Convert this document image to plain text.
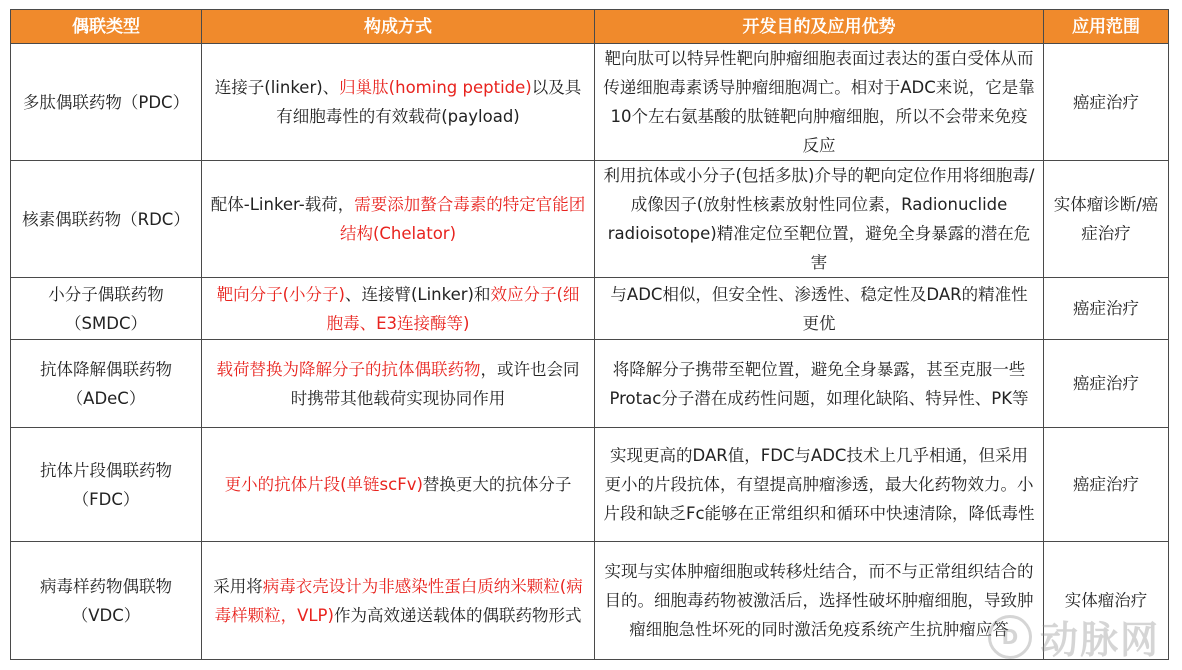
偶联类型	构成方式	开发目的及应用优势	应用范围
多肽偶联药物（PDC）	连接子(linker)、归巢肽(homing peptide)以及具有细胞毒性的有效载荷(payload)	靶向肽可以特异性靶向肿瘤细胞表面过表达的蛋白受体从而传递细胞毒素诱导肿瘤细胞凋亡。相对于ADC来说，它是靠10个左右氨基酸的肽链靶向肿瘤细胞，所以不会带来免疫反应	癌症治疗
核素偶联药物（RDC）	配体-Linker-载荷，需要添加螯合毒素的特定官能团结构(Chelator)	利用抗体或小分子(包括多肽)介导的靶向定位作用将细胞毒/成像因子(放射性核素放射性同位素，Radionuclide radioisotope)精准定位至靶位置，避免全身暴露的潜在危害	实体瘤诊断/癌症治疗
小分子偶联药物（SMDC）	靶向分子(小分子)、连接臂(Linker)和效应分子(细胞毒、E3连接酶等)	与ADC相似，但安全性、渗透性、稳定性及DAR的精准性更优	癌症治疗
抗体降解偶联药物（ADeC）	载荷替换为降解分子的抗体偶联药物，或许也会同时携带其他载荷实现协同作用	将降解分子携带至靶位置，避免全身暴露，甚至克服一些Protac分子潜在成药性问题，如理化缺陷、特异性、PK等	癌症治疗
抗体片段偶联药物（FDC）	更小的抗体片段(单链scFv)替换更大的抗体分子	实现更高的DAR值，FDC与ADC技术上几乎相通，但采用更小的片段抗体，有望提高肿瘤渗透，最大化药物效力。小片段和缺乏Fc能够在正常组织和循环中快速清除，降低毒性	癌症治疗
病毒样药物偶联物（VDC）	采用将病毒衣壳设计为非感染性蛋白质纳米颗粒(病毒样颗粒，VLP)作为高效递送载体的偶联药物形式	实现与实体肿瘤细胞或转移灶结合，而不与正常组织结合的目的。细胞毒药物被激活后，选择性破坏肿瘤细胞，导致肿瘤细胞急性坏死的同时激活免疫系统产生抗肿瘤应答	实体瘤治疗
D 动脉网
